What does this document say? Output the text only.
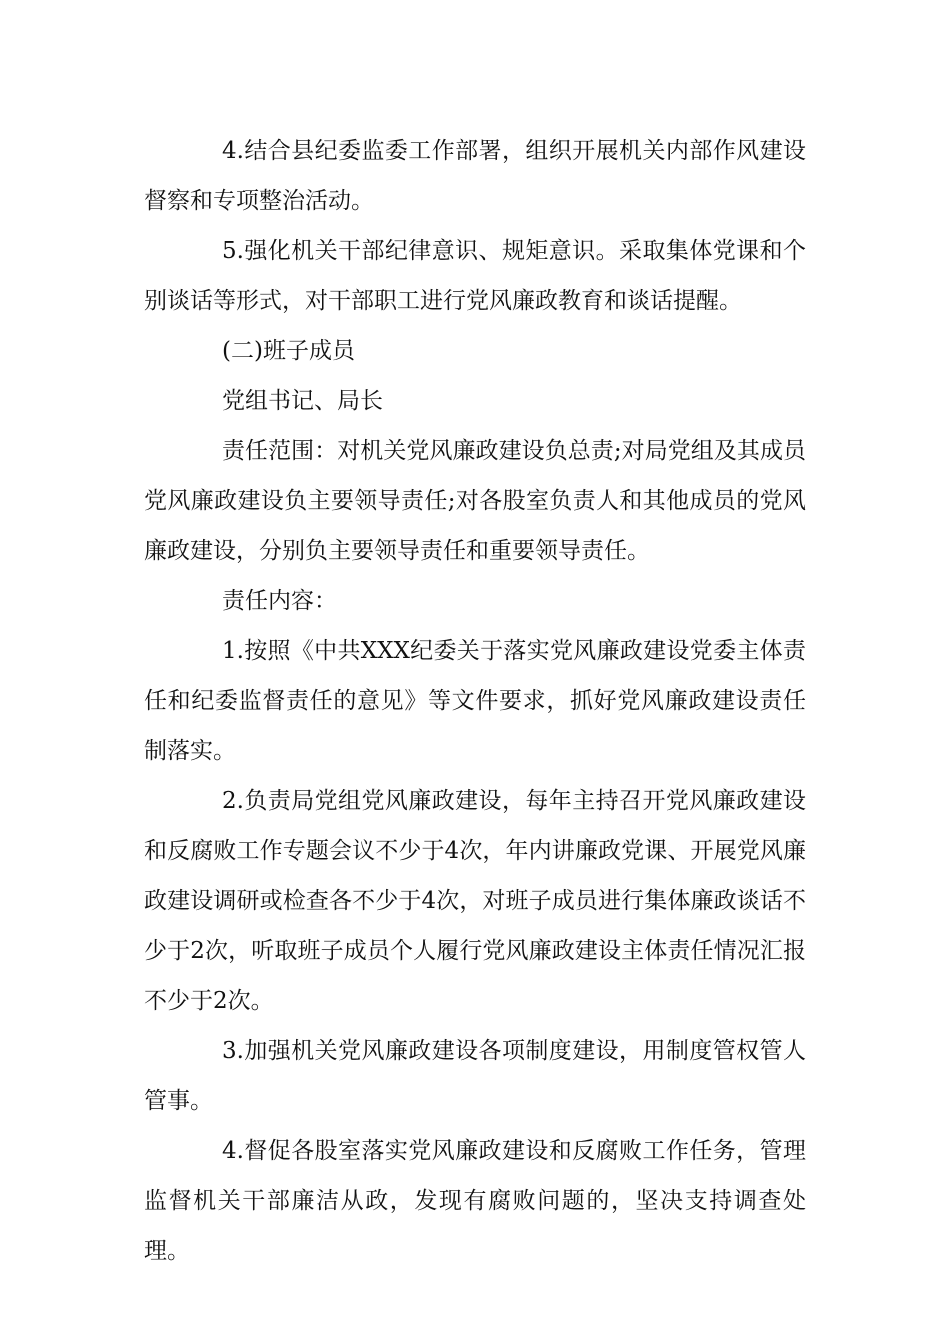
4.结合县纪委监委工作部署，组织开展机关内部作风建设督察和专项整治活动。

5.强化机关干部纪律意识、规矩意识。采取集体党课和个别谈话等形式，对干部职工进行党风廉政教育和谈话提醒。

(二)班子成员

党组书记、局长

责任范围：对机关党风廉政建设负总责;对局党组及其成员党风廉政建设负主要领导责任;对各股室负责人和其他成员的党风廉政建设，分别负主要领导责任和重要领导责任。

责任内容：

1.按照《中共XXX纪委关于落实党风廉政建设党委主体责任和纪委监督责任的意见》等文件要求，抓好党风廉政建设责任制落实。

2.负责局党组党风廉政建设，每年主持召开党风廉政建设和反腐败工作专题会议不少于4次，年内讲廉政党课、开展党风廉政建设调研或检查各不少于4次，对班子成员进行集体廉政谈话不少于2次，听取班子成员个人履行党风廉政建设主体责任情况汇报不少于2次。

3.加强机关党风廉政建设各项制度建设，用制度管权管人管事。

4.督促各股室落实党风廉政建设和反腐败工作任务，管理监督机关干部廉洁从政，发现有腐败问题的，坚决支持调查处理。
